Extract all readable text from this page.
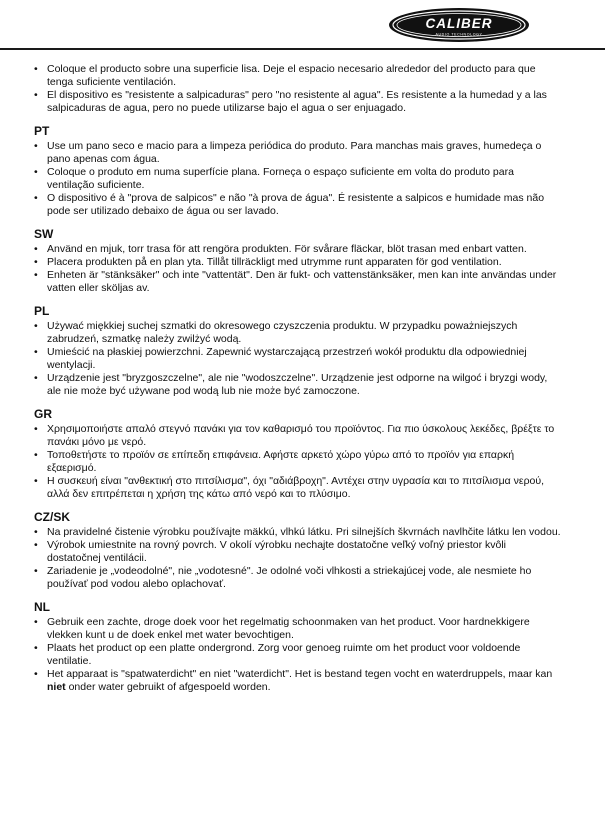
CALIBER
AUDIO TECHNOLOGY
• Coloque el producto sobre una superficie lisa. Deje el espacio necesario alrededor del producto para que tenga suficiente ventilación.
• El dispositivo es "resistente a salpicaduras" pero "no resistente al agua". Es resistente a la humedad y a las salpicaduras de agua, pero no puede utilizarse bajo el agua o ser enjuagado.
PT
• Use um pano seco e macio para a limpeza periódica do produto. Para manchas mais graves, humedeça o pano apenas com água.
• Coloque o produto em numa superfície plana. Forneça o espaço suficiente em volta do produto para ventilação suficiente.
• O dispositivo é à "prova de salpicos" e não "à prova de água". É resistente a salpicos e humidade mas não pode ser utilizado debaixo de água ou ser lavado.
SW
• Använd en mjuk, torr trasa för att rengöra produkten. För svårare fläckar, blöt trasan med enbart vatten.
• Placera produkten på en plan yta. Tillåt tillräckligt med utrymme runt apparaten för god ventilation.
• Enheten är "stänksäker" och inte "vattentät". Den är fukt- och vattenstänksäker, men kan inte användas under vatten eller sköljas av.
PL
• Używać miękkiej suchej szmatki do okresowego czyszczenia produktu. W przypadku poważniejszych zabrudzeń, szmatkę należy zwilżyć wodą.
• Umieścić na płaskiej powierzchni. Zapewnić wystarczającą przestrzeń wokół produktu dla odpowiedniej wentylacji.
• Urządzenie jest "bryzgoszczelne", ale nie "wodoszczelne". Urządzenie jest odporne na wilgoć i bryzgi wody, ale nie może być używane pod wodą lub nie może być zamoczone.
GR
• Χρησιμοποιήστε απαλό στεγνό πανάκι για τον καθαρισμό του προϊόντος. Για πιο ύσκολους λεκέδες, βρέξτε το πανάκι μόνο με νερό.
• Τοποθετήστε το προϊόν σε επίπεδη επιφάνεια. Αφήστε αρκετό χώρο γύρω από το προϊόν για επαρκή εξαερισμό.
• Η συσκευή είναι "ανθεκτική στο πιτσίλισμα", όχι "αδιάβροχη". Αντέχει στην υγρασία και το πιτσίλισμα νερού, αλλά δεν επιτρέπεται η χρήση της κάτω από νερό και το πλύσιμο.
CZ/SK
• Na pravidelné čistenie výrobku používajte mäkkú, vlhkú látku. Pri silnejších škvrnách navlhčite látku len vodou.
• Výrobok umiestnite na rovný povrch. V okolí výrobku nechajte dostatočne veľký voľný priestor kvôli dostatočnej ventilácii.
• Zariadenie je „vodeodolné", nie „vodotesné". Je odolné voči vlhkosti a striekajúcej vode, ale nesmiete ho používať pod vodou alebo oplachovať.
NL
• Gebruik een zachte, droge doek voor het regelmatig schoonmaken van het product. Voor hardnekkigere vlekken kunt u de doek enkel met water bevochtigen.
• Plaats het product op een platte ondergrond. Zorg voor genoeg ruimte om het product voor voldoende ventilatie.
• Het apparaat is "spatwaterdicht" en niet "waterdicht". Het is bestand tegen vocht en waterdruppels, maar kan niet onder water gebruikt of afgespoeld worden.
